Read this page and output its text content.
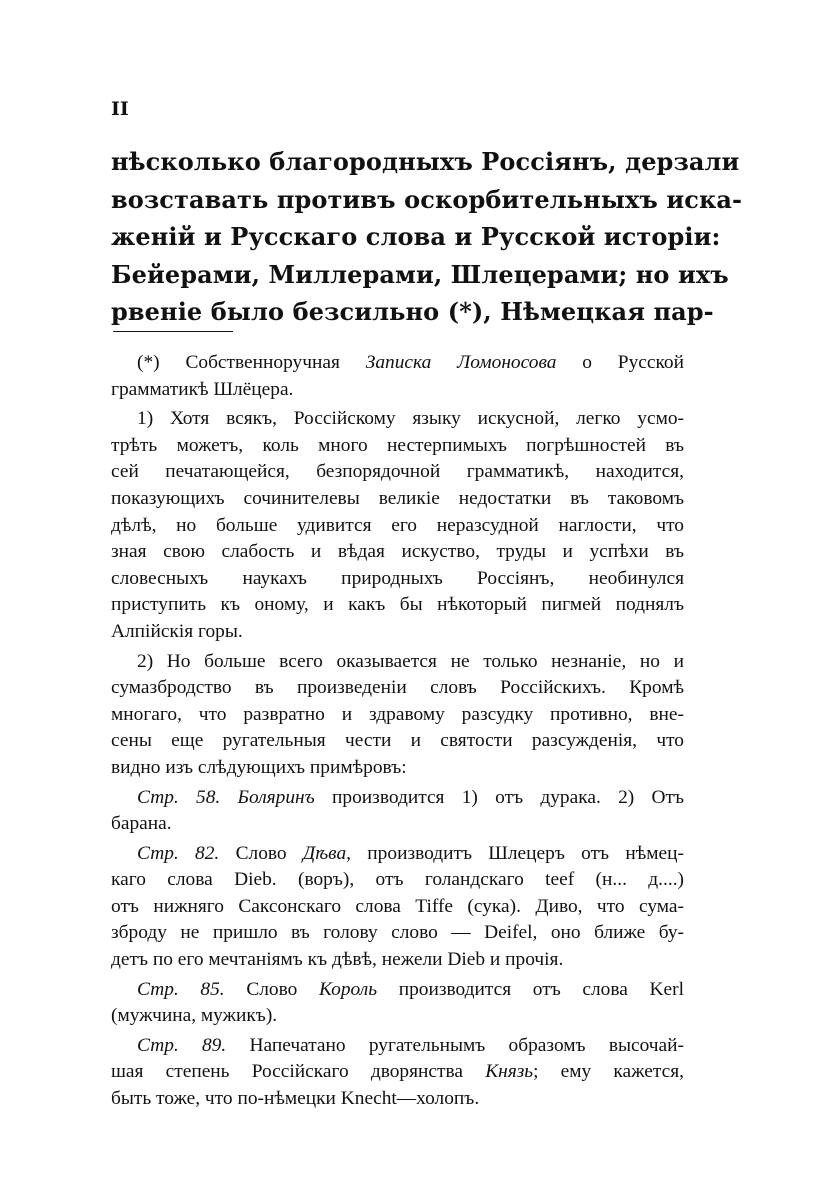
II
нѣсколько благородныхъ Россіянъ, дерзали
возставать противъ оскорбительныхъ иска-
женій и Русскаго слова и Русской исторіи:
Бейерами, Миллерами, Шлецерами; но ихъ
рвеніе было безсильно (*), Нѣмецкая пар-
(*) Собственноручная Записка Ломоносова о Русской
грамматикѣ Шлёцера.
1) Хотя всякъ, Россійскому языку искусной, легко усмо-
трѣть можетъ, коль много нестерпимыхъ погрѣшностей въ
сей печатающейся, безпорядочной грамматикѣ, находится,
показующихъ сочинителевы великіе недостатки въ таковомъ
дѣлѣ, но больше удивится его неразсудной наглости, что
зная свою слабость и вѣдая искуство, труды и успѣхи въ
словесныхъ наукахъ природныхъ Россіянъ, необинулся
приступить къ оному, и какъ бы нѣкоторый пигмей поднялъ
Алпійскія горы.
2) Но больше всего оказывается не только незнаніе, но и
сумазбродство въ произведеніи словъ Россійскихъ. Кромѣ
многаго, что развратно и здравому разсудку противно, вне-
сены еще ругательныя чести и святости разсужденія, что
видно изъ слѣдующихъ примѣровъ:
Стр. 58. Боляринъ производится 1) отъ дурака. 2) Отъ
барана.
Стр. 82. Слово Дѣва, производитъ Шлецеръ отъ нѣмец-
каго слова Dieb. (воръ), отъ голандскаго teef (н... д....)
отъ нижняго Саксонскаго слова Tiffe (сука). Диво, что сума-
зброду не пришло въ голову слово — Deifel, оно ближе бу-
детъ по его мечтаніямъ къ дѣвѣ, нежели Dieb и прочія.
Стр. 85. Слово Король производится отъ слова Kerl
(мужчина, мужикъ).
Стр. 89. Напечатано ругательнымъ образомъ высочай-
шая степень Россійскаго дворянства Князь; ему кажется,
быть тоже, что по-нѣмецки Knecht—холопъ.
